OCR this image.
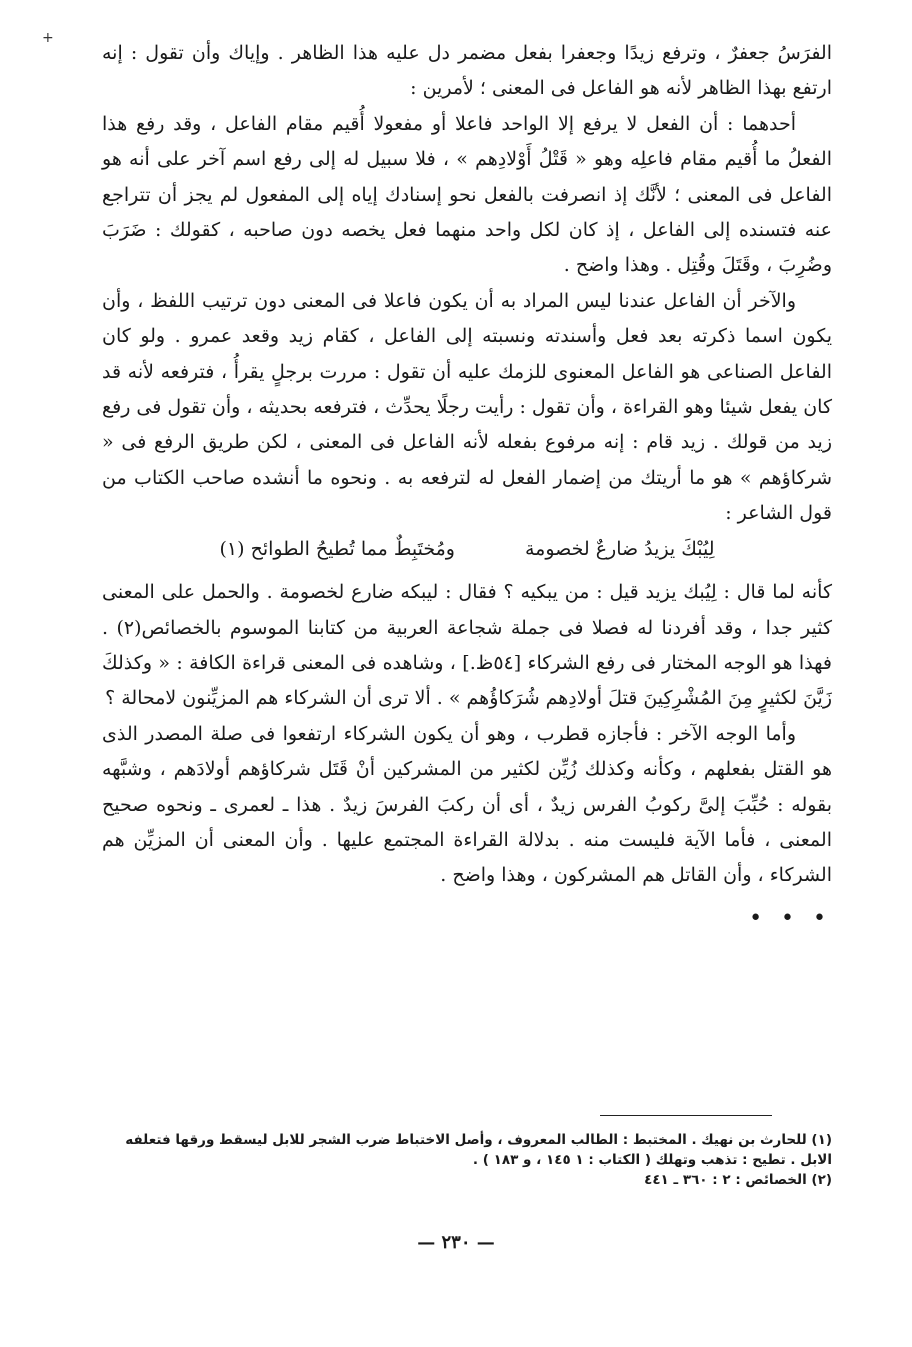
+

الفرَسُ جعفرٌ ، وترفع زيدًا وجعفرا بفعل مضمر دل عليه هذا الظاهر . وإياك وأن تقول : إنه ارتفع بهذا الظاهر لأنه هو الفاعل فى المعنى ؛ لأمرين :

أحدهما : أن الفعل لا يرفع إلا الواحد فاعلا أو مفعولا أُقيم مقام الفاعل ، وقد رفع هذا الفعلُ ما أُقيم مقام فاعلِه وهو « قَتْلُ أَوْلادِهم » ، فلا سبيل له إلى رفع اسم آخر على أنه هو الفاعل فى المعنى ؛ لأنَّك إذ انصرفت بالفعل نحو إسنادك إياه إلى المفعول لم يجز أن تتراجع عنه فتسنده إلى الفاعل ، إذ كان لكل واحد منهما فعل يخصه دون صاحبه ، كقولك : ضَرَبَ وضُرِبَ ، وقَتَلَ وقُتِل . وهذا واضح .

والآخر أن الفاعل عندنا ليس المراد به أن يكون فاعلا فى المعنى دون ترتيب اللفظ ، وأن يكون اسما ذكرته بعد فعل وأسندته ونسبته إلى الفاعل ، كقام زيد وقعد عمرو . ولو كان الفاعل الصناعى هو الفاعل المعنوى للزمك عليه أن تقول : مررت برجلٍ يقرأُ ، فترفعه لأنه قد كان يفعل شيئا وهو القراءة ، وأن تقول : رأيت رجلًا يحدِّث ، فترفعه بحديثه ، وأن تقول فى رفع زيد من قولك . زيد قام : إنه مرفوع بفعله لأنه الفاعل فى المعنى ، لكن طريق الرفع فى « شركاؤهم » هو ما أريتك من إضمار الفعل له لترفعه به . ونحوه ما أنشده صاحب الكتاب من قول الشاعر :

لِيُبْكَ يزيدُ ضارعٌ لخصومة
ومُختَبِطٌ مما تُطيحُ الطوائح (١)

كأنه لما قال : لِيُبك يزيد قيل : من يبكيه ؟ فقال : ليبكه ضارع لخصومة . والحمل على المعنى كثير جدا ، وقد أفردنا له فصلا فى جملة شجاعة العربية من كتابنا الموسوم بالخصائص(٢) . فهذا هو الوجه المختار فى رفع الشركاء [٥٤ظ.] ، وشاهده فى المعنى قراءة الكافة : « وكذلكَ زَيَّنَ لكثيرٍ مِنَ المُشْرِكِينَ قتلَ أولادِهم شُرَكاؤُهم » . ألا ترى أن الشركاء هم المزيِّنون لامحالة ؟

وأما الوجه الآخر : فأجازه قطرب ، وهو أن يكون الشركاء ارتفعوا فى صلة المصدر الذى هو القتل بفعلهم ، وكأنه وكذلك زُيِّن لكثير من المشركين أنْ قَتَل شركاؤهم أولادَهم ، وشبَّهه بقوله : حُبِّبَ إلىَّ ركوبُ الفرس زيدٌ ، أى أن ركبَ الفرسَ زيدٌ . هذا ـ لعمرى ـ ونحوه صحيح المعنى ، فأما الآية فليست منه . بدلالة القراءة المجتمع عليها . وأن المعنى أن المزيِّن هم الشركاء ، وأن القاتل هم المشركون ، وهذا واضح .

• • •

(١) للحارث بن نهيك . المختبط : الطالب المعروف ، وأصل الاختباط ضرب الشجر للابل ليسقط ورقها فتعلفه الابل . تطيح : تذهب وتهلك ( الكتاب : ١ ١٤٥ ، و ١٨٣ ) .

(٢) الخصائص : ٢ : ٣٦٠ ـ ٤٤١

— ٢٣٠ —
